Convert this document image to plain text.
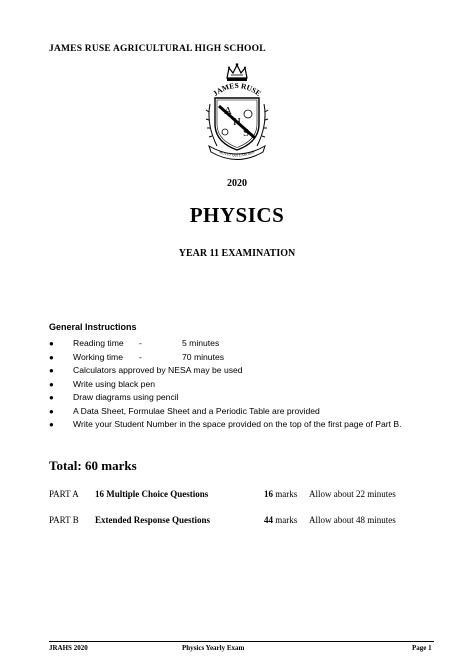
JAMES RUSE AGRICULTURAL HIGH SCHOOL
JAMES RUSE
A
H
S
MOVET QUI LABORAT
2020
PHYSICS
YEAR 11 EXAMINATION
General Instructions
● Reading time -	5 minutes
● Working time -	70 minutes
● Calculators approved by NESA may be used
● Write using black pen
● Draw diagrams using pencil
● A Data Sheet, Formulae Sheet and a Periodic Table are provided
● Write your Student Number in the space provided on the top of the first page of Part B.
Total: 60 marks
PART A 16 Multiple Choice Questions	16 marks Allow about 22 minutes
PART B Extended Response Questions	44 marks Allow about 48 minutes
JRAHS 2020	Physics Yearly Exam	Page 1
